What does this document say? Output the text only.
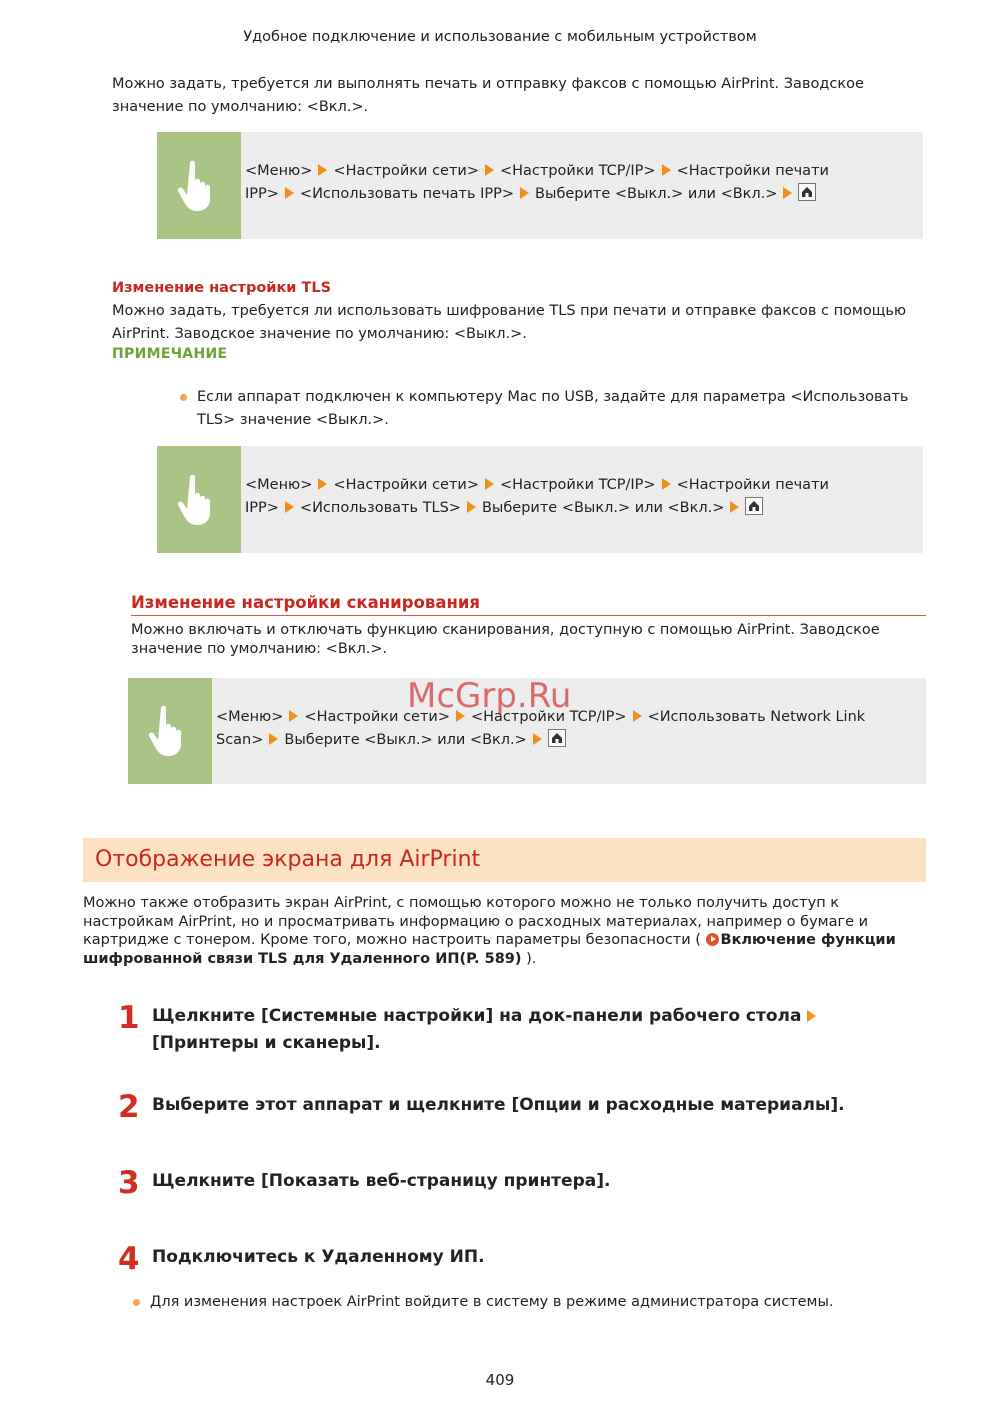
Удобное подключение и использование с мобильным устройством

Можно задать, требуется ли выполнять печать и отправку факсов с помощью AirPrint. Заводское значение по умолчанию: <Вкл.>.

<Меню> <Настройки сети> <Настройки TCP/IP> <Настройки печати
IPP> <Использовать печать IPP> Выберите <Выкл.> или <Вкл.>
Изменение настройки TLS

Можно задать, требуется ли использовать шифрование TLS при печати и отправке факсов с помощью AirPrint. Заводское значение по умолчанию: <Выкл.>.

ПРИМЕЧАНИЕ

Если аппарат подключен к компьютеру Mac по USB, задайте для параметра <Использовать TLS> значение <Выкл.>.

<Меню> <Настройки сети> <Настройки TCP/IP> <Настройки печати
IPP> <Использовать TLS> Выберите <Выкл.> или <Вкл.>
Изменение настройки сканирования

Можно включать и отключать функцию сканирования, доступную с помощью AirPrint. Заводское значение по умолчанию: <Вкл.>.

<Меню> <Настройки сети> <Настройки TCP/IP> <Использовать Network Link
Scan> Выберите <Выкл.> или <Вкл.>
McGrp.Ru
Отображение экрана для AirPrint

Можно также отобразить экран AirPrint, с помощью которого можно не только получить доступ к настройкам AirPrint, но и просматривать информацию о расходных материалах, например о бумаге и картридже с тонером. Кроме того, можно настроить параметры безопасности ( Включение функции шифрованной связи TLS для Удаленного ИП(P. 589) ).

1 Щелкните [Системные настройки] на док-панели рабочего стола[Принтеры и сканеры].
2 Выберите этот аппарат и щелкните [Опции и расходные материалы].
3 Щелкните [Показать веб-страницу принтера].
4 Подключитесь к Удаленному ИП.

Для изменения настроек AirPrint войдите в систему в режиме администратора системы.

409
